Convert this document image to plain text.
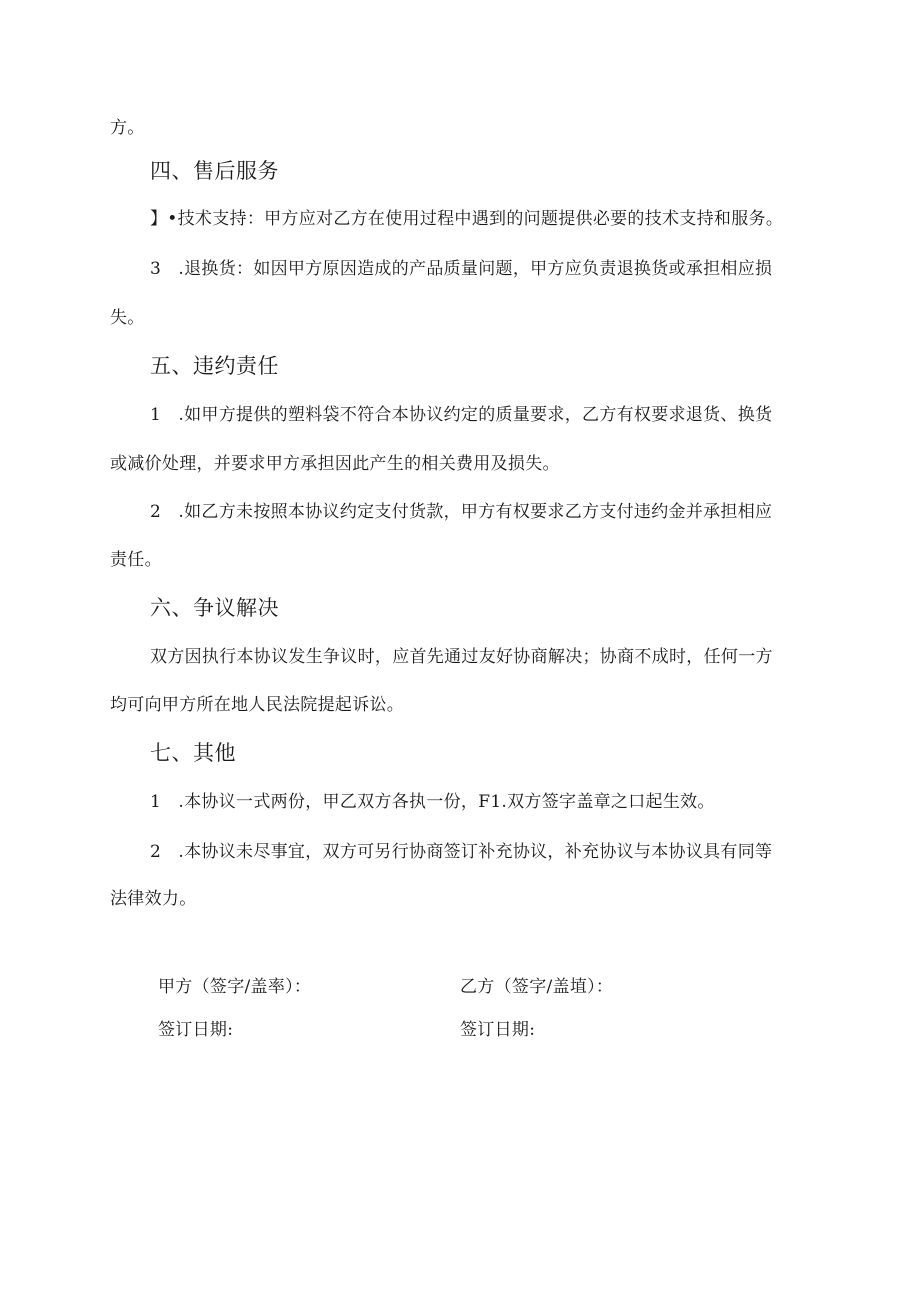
方。
四、售后服务
】•技术支持：甲方应对乙方在使用过程中遇到的问题提供必要的技术支持和服务。
3　.退换货：如因甲方原因造成的产品质量问题，甲方应负责退换货或承担相应损
失。
五、违约责任
1　.如甲方提供的塑料袋不符合本协议约定的质量要求，乙方有权要求退货、换货
或减价处理，并要求甲方承担因此产生的相关费用及损失。
2　.如乙方未按照本协议约定支付货款，甲方有权要求乙方支付违约金并承担相应
责任。
六、争议解决
双方因执行本协议发生争议时，应首先通过友好协商解决；协商不成时，任何一方
均可向甲方所在地人民法院提起诉讼。
七、其他
1　.本协议一式两份，甲乙双方各执一份，F1.双方签字盖章之口起生效。
2　.本协议未尽事宜，双方可另行协商签订补充协议，补充协议与本协议具有同等
法律效力。
甲方（签字/盖率）：	乙方（签字/盖埴）：
签订日期:	签订日期:
